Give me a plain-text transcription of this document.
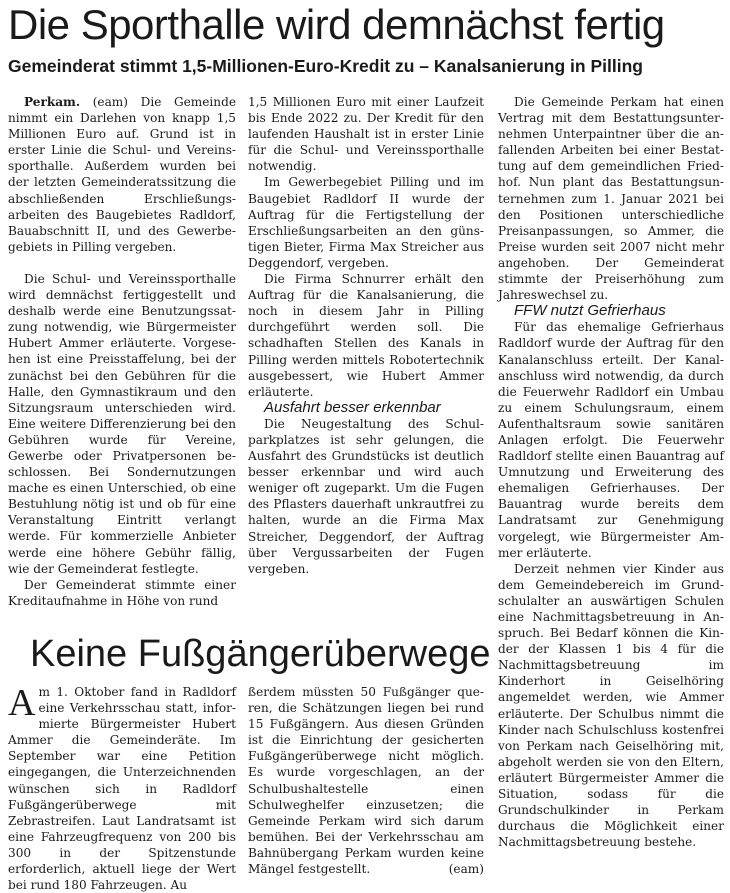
Die Sporthalle wird demnächst fertig
Gemeinderat stimmt 1,5-Millionen-Euro-Kredit zu – Kanalsanierung in Pilling

Perkam. (eam) Die Gemeinde nimmt ein Darlehen von knapp 1,5 Millionen Euro auf. Grund ist in erster Linie die Schul- und Vereinssporthalle. Außerdem wurden bei der letzten Gemeinderatssitzung die abschließenden Erschließungsarbeiten des Baugebietes Radldorf, Bauabschnitt II, und des Gewerbegebiets in Pilling vergeben.

Die Schul- und Vereinssporthalle wird demnächst fertiggestellt und deshalb werde eine Benutzungssatzung notwendig, wie Bürgermeister Hubert Ammer erläuterte. Vorgesehen ist eine Preisstaffelung, bei der zunächst bei den Gebühren für die Halle, den Gymnastikraum und den Sitzungsraum unterschieden wird. Eine weitere Differenzierung bei den Gebühren wurde für Vereine, Gewerbe oder Privatpersonen beschlossen. Bei Sondernutzungen mache es einen Unterschied, ob eine Bestuhlung nötig ist und ob für eine Veranstaltung Eintritt verlangt werde. Für kommerzielle Anbieter werde eine höhere Gebühr fällig, wie der Gemeinderat festlegte.

Der Gemeinderat stimmte einer Kreditaufnahme in Höhe von rund

1,5 Millionen Euro mit einer Laufzeit bis Ende 2022 zu. Der Kredit für den laufenden Haushalt ist in erster Linie für die Schul- und Vereinssporthalle notwendig.

Im Gewerbegebiet Pilling und im Baugebiet Radldorf II wurde der Auftrag für die Fertigstellung der Erschließungsarbeiten an den günstigen Bieter, Firma Max Streicher aus Deggendorf, vergeben.

Die Firma Schnurrer erhält den Auftrag für die Kanalsanierung, die noch in diesem Jahr in Pilling durchgeführt werden soll. Die schadhaften Stellen des Kanals in Pilling werden mittels Robotertechnik ausgebessert, wie Hubert Ammer erläuterte.

Ausfahrt besser erkennbar

Die Neugestaltung des Schulparkplatzes ist sehr gelungen, die Ausfahrt des Grundstücks ist deutlich besser erkennbar und wird auch weniger oft zugeparkt. Um die Fugen des Pflasters dauerhaft unkrautfrei zu halten, wurde an die Firma Max Streicher, Deggendorf, der Auftrag über Vergussarbeiten der Fugen vergeben.

Die Gemeinde Perkam hat einen Vertrag mit dem Bestattungsunternehmen Unterpaintner über die anfallenden Arbeiten bei einer Bestattung auf dem gemeindlichen Friedhof. Nun plant das Bestattungsunternehmen zum 1. Januar 2021 bei den Positionen unterschiedliche Preisanpassungen, so Ammer, die Preise wurden seit 2007 nicht mehr angehoben. Der Gemeinderat stimmte der Preiserhöhung zum Jahreswechsel zu.

FFW nutzt Gefrierhaus

Für das ehemalige Gefrierhaus Radldorf wurde der Auftrag für den Kanalanschluss erteilt. Der Kanalanschluss wird notwendig, da durch die Feuerwehr Radldorf ein Umbau zu einem Schulungsraum, einem Aufenthaltsraum sowie sanitären Anlagen erfolgt. Die Feuerwehr Radldorf stellte einen Bauantrag auf Umnutzung und Erweiterung des ehemaligen Gefrierhauses. Der Bauantrag wurde bereits dem Landratsamt zur Genehmigung vorgelegt, wie Bürgermeister Ammer erläuterte.

Derzeit nehmen vier Kinder aus dem Gemeindebereich im Grundschulalter an auswärtigen Schulen eine Nachmittagsbetreuung in Anspruch. Bei Bedarf können die Kinder der Klassen 1 bis 4 für die Nachmittagsbetreuung im Kinderhort in Geiselhöring angemeldet werden, wie Ammer erläuterte. Der Schulbus nimmt die Kinder nach Schulschluss kostenfrei von Perkam nach Geiselhöring mit, abgeholt werden sie von den Eltern, erläutert Bürgermeister Ammer die Situation, sodass für die Grundschulkinder in Perkam durchaus die Möglichkeit einer Nachmittagsbetreuung bestehe.

Keine Fußgängerüberwege

Am 1. Oktober fand in Radldorf eine Verkehrsschau statt, informierte Bürgermeister Hubert Ammer die Gemeinderäte. Im September war eine Petition eingegangen, die Unterzeichnenden wünschen sich in Radldorf Fußgängerüberwege mit Zebrastreifen. Laut Landratsamt ist eine Fahrzeugfrequenz von 200 bis 300 in der Spitzenstunde erforderlich, aktuell liege der Wert bei rund 180 Fahrzeugen. Au

ßerdem müssten 50 Fußgänger queren, die Schätzungen liegen bei rund 15 Fußgängern. Aus diesen Gründen ist die Einrichtung der gesicherten Fußgängerüberwege nicht möglich. Es wurde vorgeschlagen, an der Schulbushaltestelle einen Schulweghelfer einzusetzen; die Gemeinde Perkam wird sich darum bemühen. Bei der Verkehrsschau am Bahnübergang Perkam wurden keine Mängel festgestellt.	(eam)
